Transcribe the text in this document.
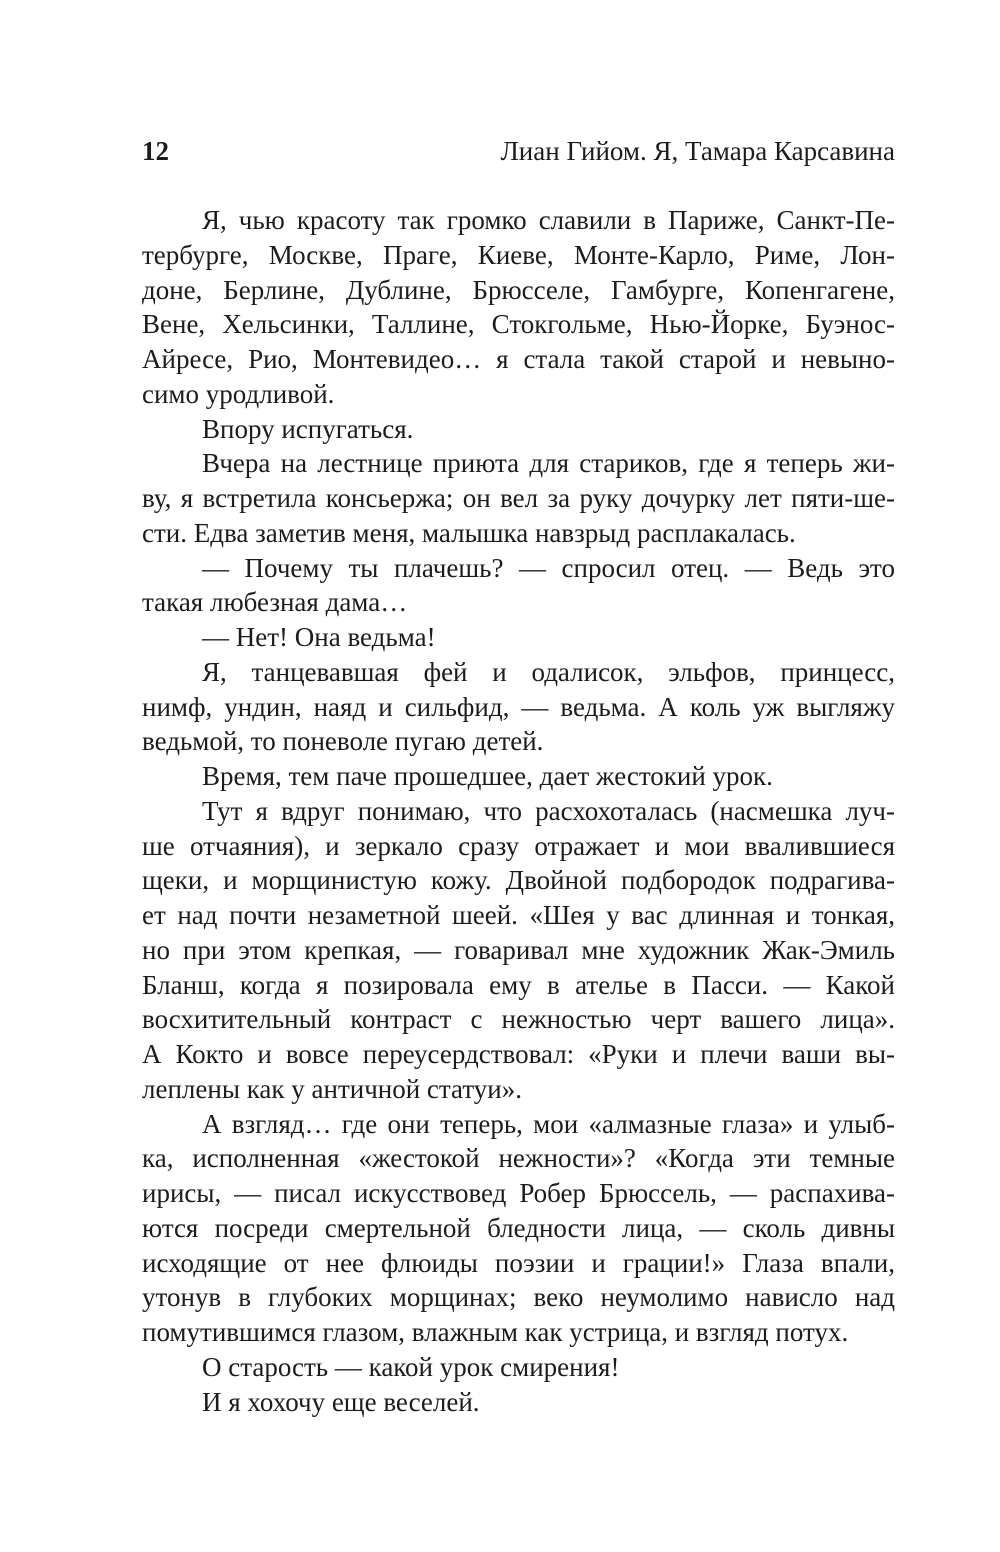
12	Лиан Гийом. Я, Тамара Карсавина
Я, чью красоту так громко славили в Париже, Санкт-Пе-
тербурге, Москве, Праге, Киеве, Монте-Карло, Риме, Лон-
доне, Берлине, Дублине, Брюсселе, Гамбурге, Копенгагене,
Вене, Хельсинки, Таллине, Стокгольме, Нью-Йорке, Буэнос-
Айресе, Рио, Монтевидео… я стала такой старой и невыно-
симо уродливой.
Впору испугаться.
Вчера на лестнице приюта для стариков, где я теперь жи-
ву, я встретила консьержа; он вел за руку дочурку лет пяти-ше-
сти. Едва заметив меня, малышка навзрыд расплакалась.
— Почему ты плачешь? — спросил отец. — Ведь это
такая любезная дама…
— Нет! Она ведьма!
Я, танцевавшая фей и одалисок, эльфов, принцесс,
нимф, ундин, наяд и сильфид, — ведьма. А коль уж выгляжу
ведьмой, то поневоле пугаю детей.
Время, тем паче прошедшее, дает жестокий урок.
Тут я вдруг понимаю, что расхохоталась (насмешка луч-
ше отчаяния), и зеркало сразу отражает и мои ввалившиеся
щеки, и морщинистую кожу. Двойной подбородок подрагива-
ет над почти незаметной шеей. «Шея у вас длинная и тонкая,
но при этом крепкая, — говаривал мне художник Жак-Эмиль
Бланш, когда я позировала ему в ателье в Пасси. — Какой
восхитительный контраст с нежностью черт вашего лица».
А Кокто и вовсе переусердствовал: «Руки и плечи ваши вы-
леплены как у античной статуи».
А взгляд… где они теперь, мои «алмазные глаза» и улыб-
ка, исполненная «жестокой нежности»? «Когда эти темные
ирисы, — писал искусствовед Робер Брюссель, — распахива-
ются посреди смертельной бледности лица, — сколь дивны
исходящие от нее флюиды поэзии и грации!» Глаза впали,
утонув в глубоких морщинах; веко неумолимо нависло над
помутившимся глазом, влажным как устрица, и взгляд потух.
О старость — какой урок смирения!
И я хохочу еще веселей.
